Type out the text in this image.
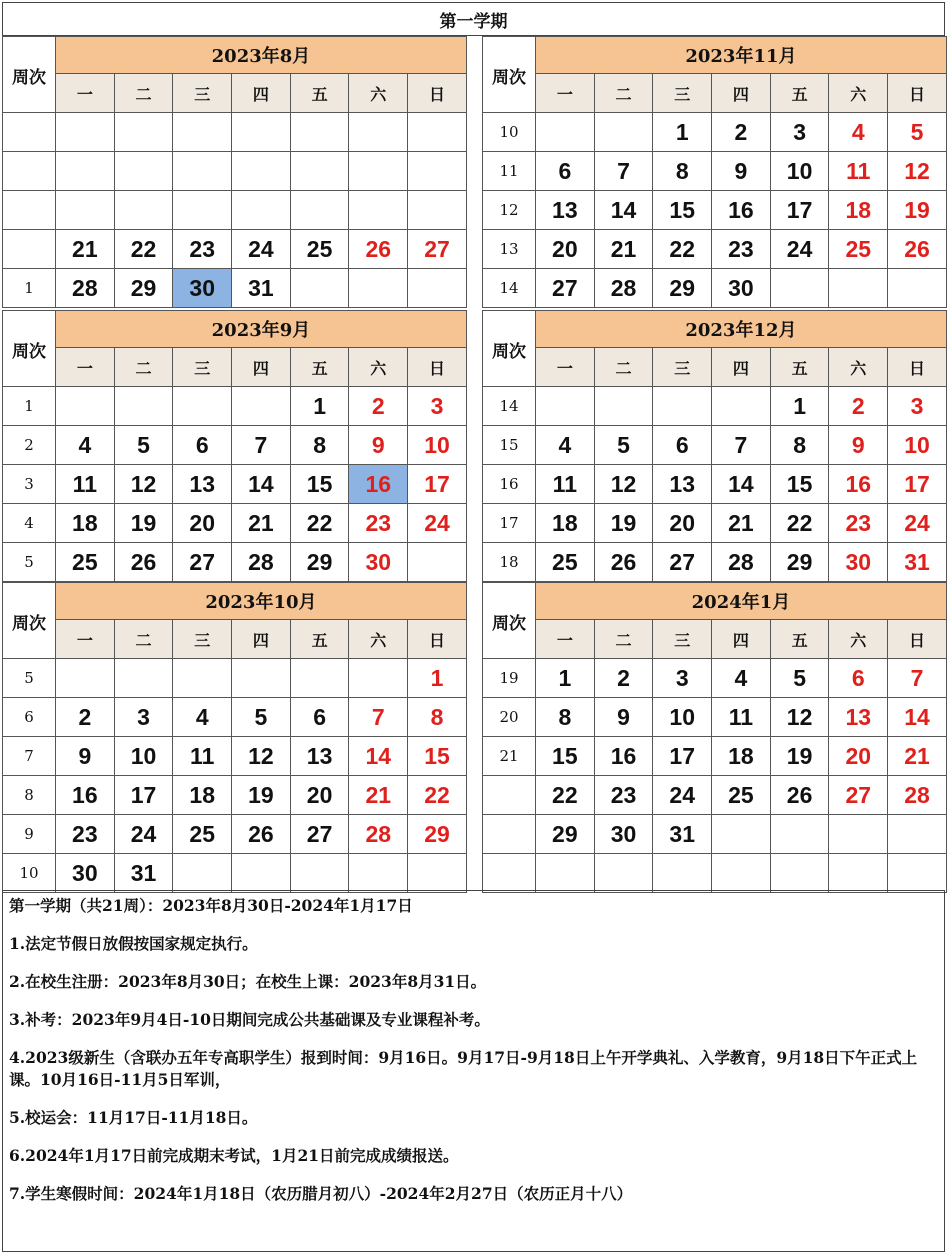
第一学期
周次	2023年8月						
	一	二	三	四	五	六	日

	21	22	23	24	25	26	27
1	28	29	30	31			
周次	2023年11月						
	一	二	三	四	五	六	日
10			1	2	3	4	5
11	6	7	8	9	10	11	12
12	13	14	15	16	17	18	19
13	20	21	22	23	24	25	26
14	27	28	29	30			
周次	2023年9月						
	一	二	三	四	五	六	日
1					1	2	3
2	4	5	6	7	8	9	10
3	11	12	13	14	15	16	17
4	18	19	20	21	22	23	24
5	25	26	27	28	29	30	
周次	2023年12月						
	一	二	三	四	五	六	日
14					1	2	3
15	4	5	6	7	8	9	10
16	11	12	13	14	15	16	17
17	18	19	20	21	22	23	24
18	25	26	27	28	29	30	31
周次	2023年10月						
	一	二	三	四	五	六	日
5							1
6	2	3	4	5	6	7	8
7	9	10	11	12	13	14	15
8	16	17	18	19	20	21	22
9	23	24	25	26	27	28	29
10	30	31					
周次	2024年1月						
	一	二	三	四	五	六	日
19	1	2	3	4	5	6	7
20	8	9	10	11	12	13	14
21	15	16	17	18	19	20	21
	22	23	24	25	26	27	28
	29	30	31				

第一学期（共21周）：2023年8月30日-2024年1月17日

1.法定节假日放假按国家规定执行。

2.在校生注册：2023年8月30日；在校生上课：2023年8月31日。

3.补考：2023年9月4日-10日期间完成公共基础课及专业课程补考。

4.2023级新生（含联办五年专高职学生）报到时间：9月16日。9月17日-9月18日上午开学典礼、入学教育，9月18日下午正式上课。10月16日-11月5日军训，

5.校运会：11月17日-11月18日。

6.2024年1月17日前完成期末考试，1月21日前完成成绩报送。

7.学生寒假时间：2024年1月18日（农历腊月初八）-2024年2月27日（农历正月十八）
